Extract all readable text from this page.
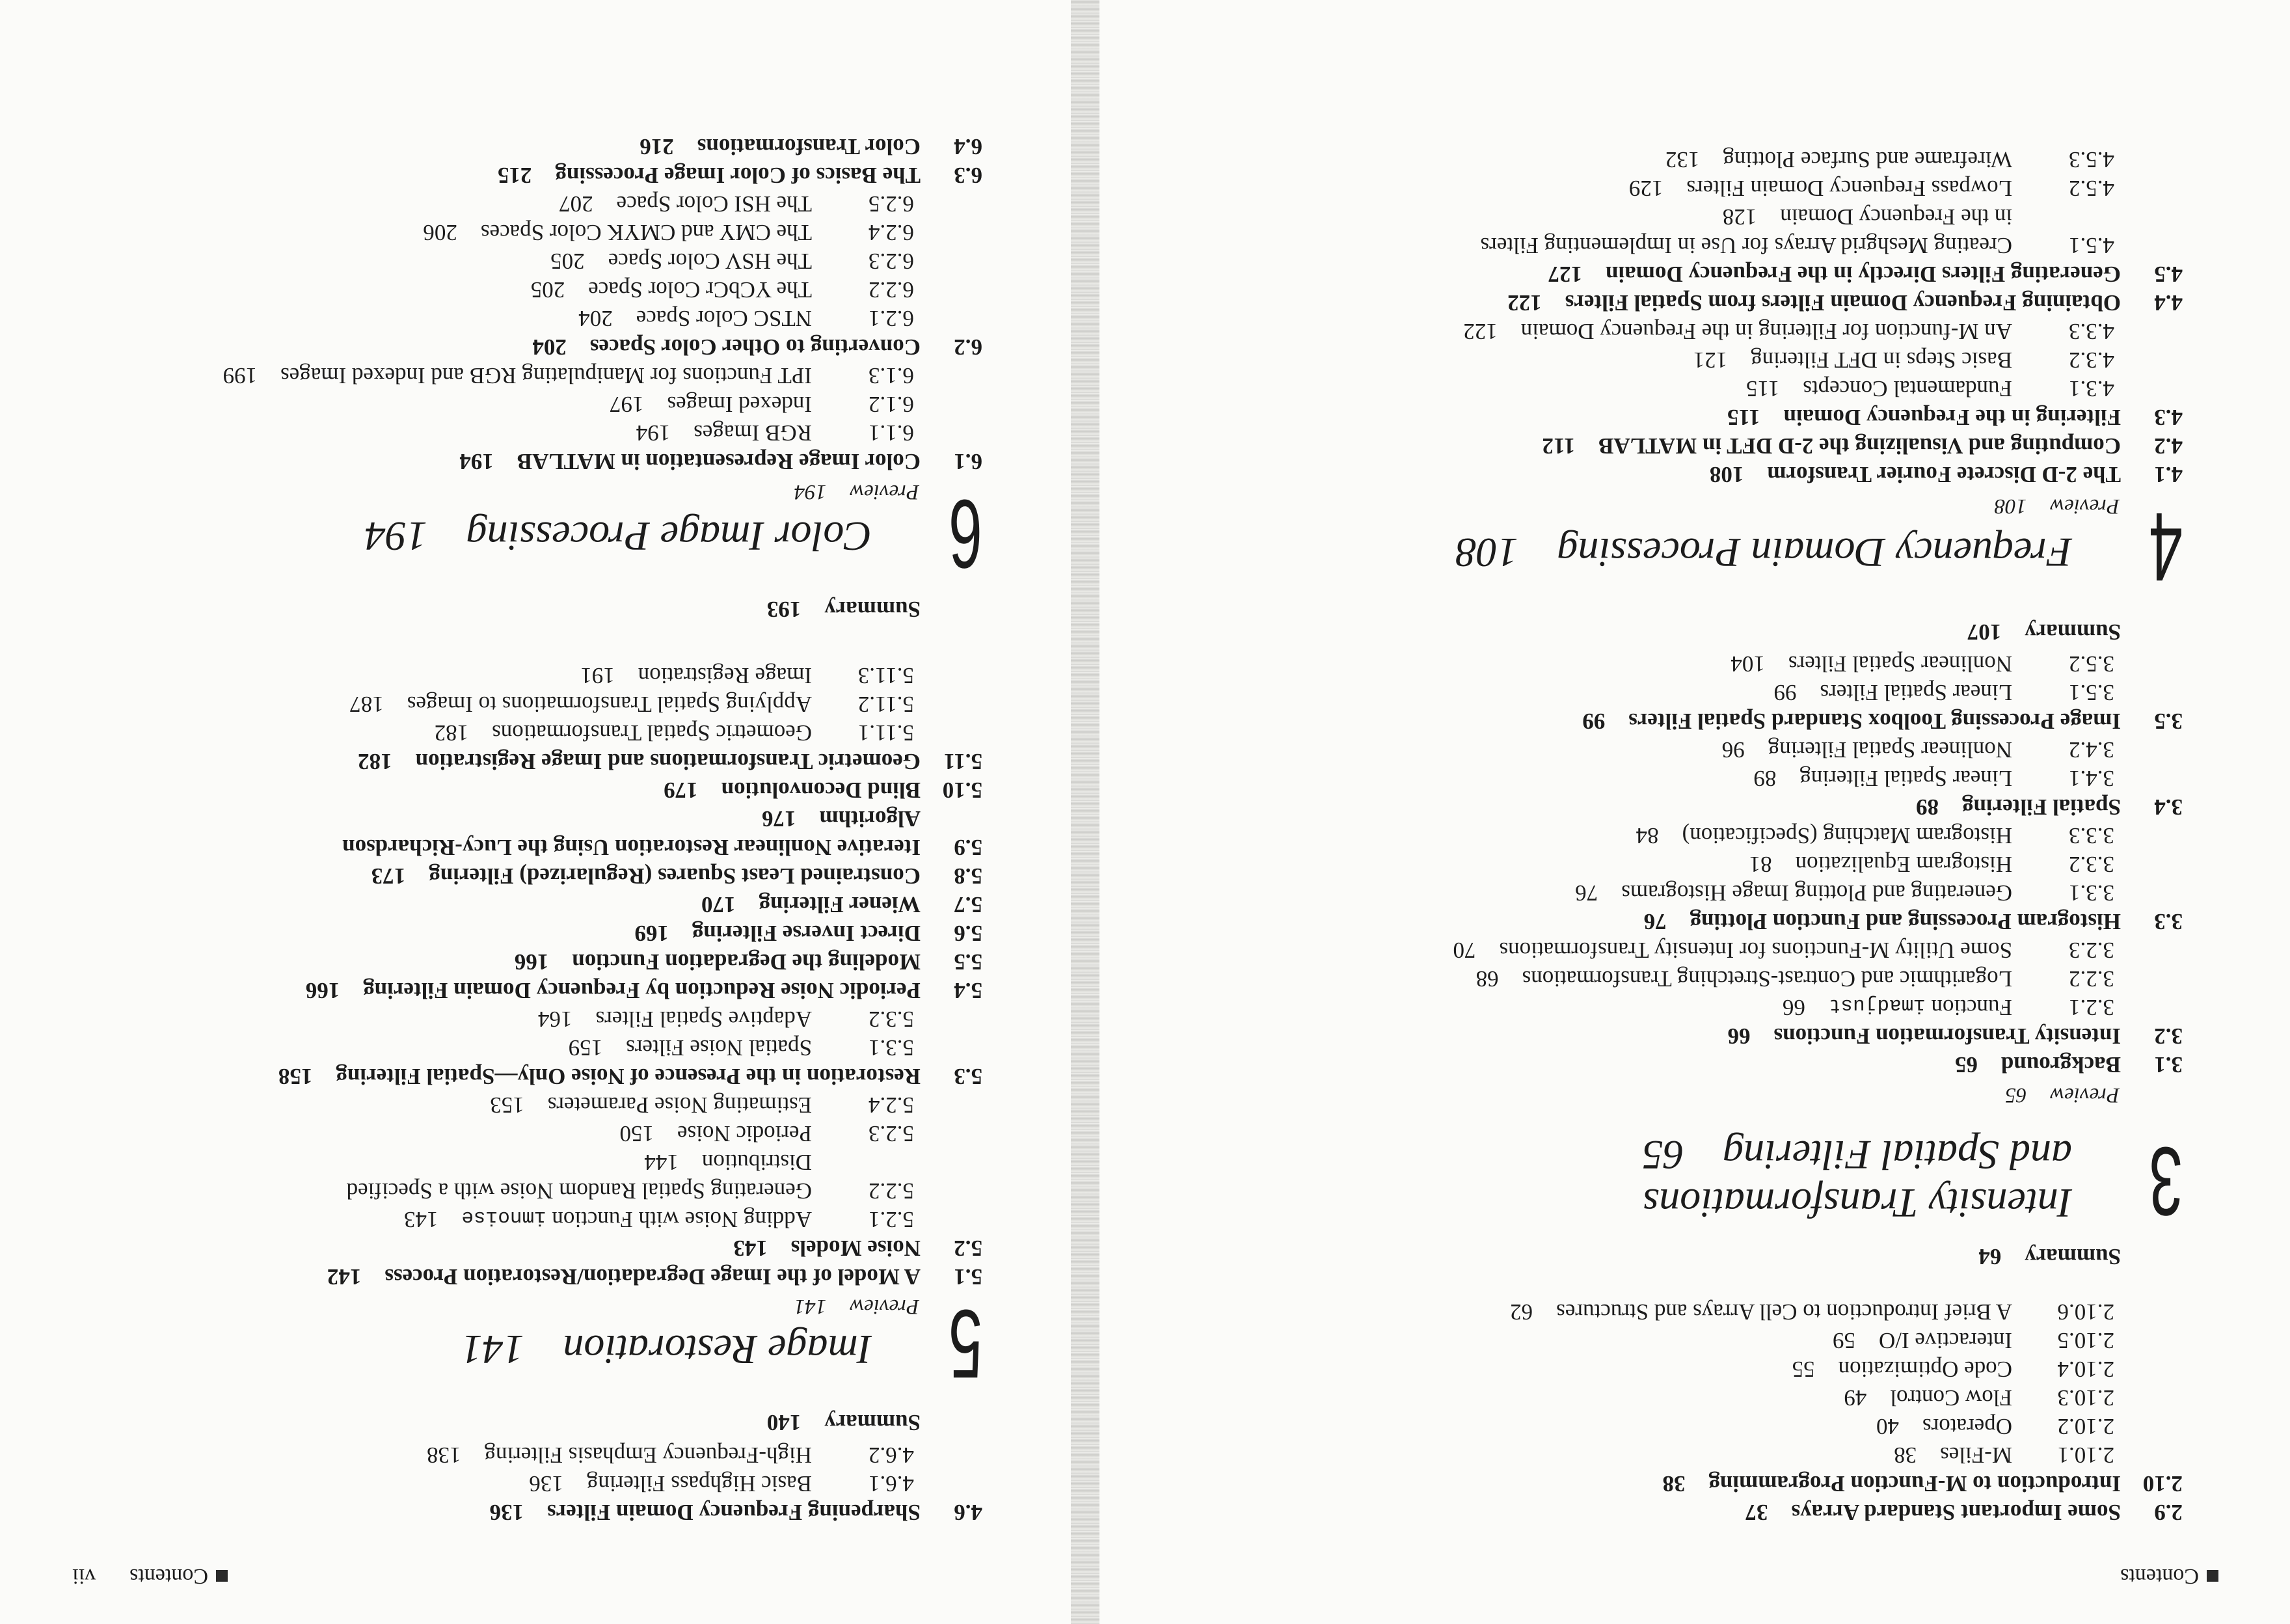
Contents
2.9
Some Important Standard Arrays37
2.10
Introduction to M-Function Programming38
2.10.1
M-Files38
2.10.2
Operators40
2.10.3
Flow Control49
2.10.4
Code Optimization55
2.10.5
Interactive I/O59
2.10.6
A Brief Introduction to Cell Arrays and Structures62
Summary64
3
Intensity Transformations
and Spatial Filtering65
Preview65
3.1
Background65
3.2
Intensity Transformation Functions66
3.2.1
Function imadjust66
3.2.2
Logarithmic and Contrast-Stretching Transformations68
3.2.3
Some Utility M-Functions for Intensity Transformations70
3.3
Histogram Processing and Function Plotting76
3.3.1
Generating and Plotting Image Histograms76
3.3.2
Histogram Equalization81
3.3.3
Histogram Matching (Specification)84
3.4
Spatial Filtering89
3.4.1
Linear Spatial Filtering89
3.4.2
Nonlinear Spatial Filtering96
3.5
Image Processing Toolbox Standard Spatial Filters99
3.5.1
Linear Spatial Filters99
3.5.2
Nonlinear Spatial Filters104
Summary107
4
Frequency Domain Processing108
Preview108
4.1
The 2-D Discrete Fourier Transform108
4.2
Computing and Visualizing the 2-D DFT in MATLAB112
4.3
Filtering in the Frequency Domain115
4.3.1
Fundamental Concepts115
4.3.2
Basic Steps in DFT Filtering121
4.3.3
An M-function for Filtering in the Frequency Domain122
4.4
Obtaining Frequency Domain Filters from Spatial Filters122
4.5
Generating Filters Directly in the Frequency Domain127
4.5.1
Creating Meshgrid Arrays for Use in Implementing Filters
in the Frequency Domain128
4.5.2
Lowpass Frequency Domain Filters129
4.5.3
Wireframe and Surface Plotting132
Contents
vii
4.6
Sharpening Frequency Domain Filters136
4.6.1
Basic Highpass Filtering136
4.6.2
High-Frequency Emphasis Filtering138
Summary140
5
Image Restoration141
Preview141
5.1
A Model of the Image Degradation/Restoration Process142
5.2
Noise Models143
5.2.1
Adding Noise with Function imnoise143
5.2.2
Generating Spatial Random Noise with a Specified
Distribution144
5.2.3
Periodic Noise150
5.2.4
Estimating Noise Parameters153
5.3
Restoration in the Presence of Noise Only—Spatial Filtering158
5.3.1
Spatial Noise Filters159
5.3.2
Adaptive Spatial Filters164
5.4
Periodic Noise Reduction by Frequency Domain Filtering166
5.5
Modeling the Degradation Function166
5.6
Direct Inverse Filtering169
5.7
Wiener Filtering170
5.8
Constrained Least Squares (Regularized) Filtering173
5.9
Iterative Nonlinear Restoration Using the Lucy-Richardson
Algorithm176
5.10
Blind Deconvolution179
5.11
Geometric Transformations and Image Registration182
5.11.1
Geometric Spatial Transformations182
5.11.2
Applying Spatial Transformations to Images187
5.11.3
Image Registration191
Summary193
6
Color Image Processing194
Preview194
6.1
Color Image Representation in MATLAB194
6.1.1
RGB Images194
6.1.2
Indexed Images197
6.1.3
IPT Functions for Manipulating RGB and Indexed Images199
6.2
Converting to Other Color Spaces204
6.2.1
NTSC Color Space204
6.2.2
The YCbCr Color Space205
6.2.3
The HSV Color Space205
6.2.4
The CMY and CMYK Color Spaces206
6.2.5
The HSI Color Space207
6.3
The Basics of Color Image Processing215
6.4
Color Transformations216
